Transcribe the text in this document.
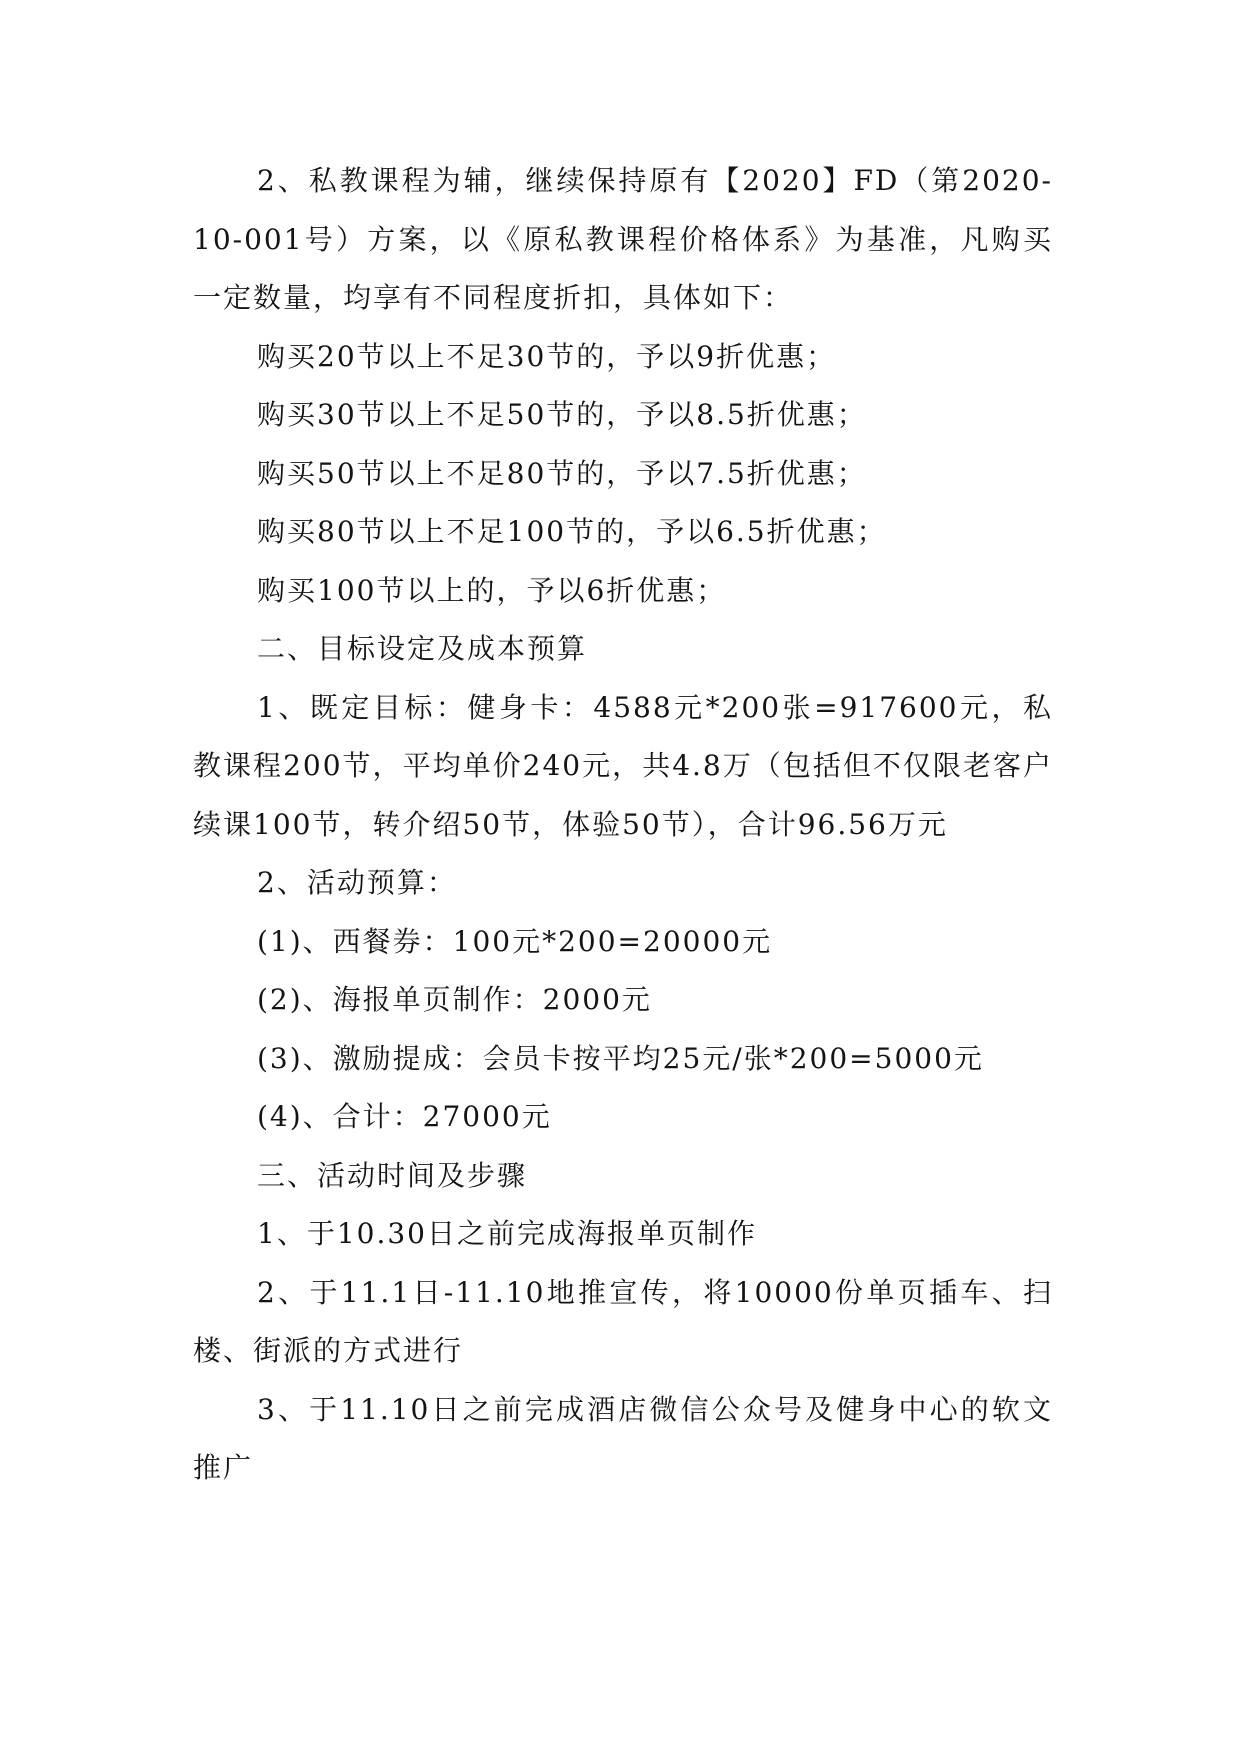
2、私教课程为辅，继续保持原有【2020】FD（第2020-10-001号）方案，以《原私教课程价格体系》为基准，凡购买一定数量，均享有不同程度折扣，具体如下：

购买20节以上不足30节的，予以9折优惠；

购买30节以上不足50节的，予以8.5折优惠；

购买50节以上不足80节的，予以7.5折优惠；

购买80节以上不足100节的，予以6.5折优惠；

购买100节以上的，予以6折优惠；

二、目标设定及成本预算

1、既定目标：健身卡：4588元*200张=917600元，私教课程200节，平均单价240元，共4.8万（包括但不仅限老客户续课100节，转介绍50节，体验50节），合计96.56万元

2、活动预算：

(1)、西餐券：100元*200=20000元

(2)、海报单页制作：2000元

(3)、激励提成：会员卡按平均25元/张*200=5000元

(4)、合计：27000元

三、活动时间及步骤

1、于10.30日之前完成海报单页制作

2、于11.1日-11.10地推宣传，将10000份单页插车、扫楼、街派的方式进行

3、于11.10日之前完成酒店微信公众号及健身中心的软文推广
